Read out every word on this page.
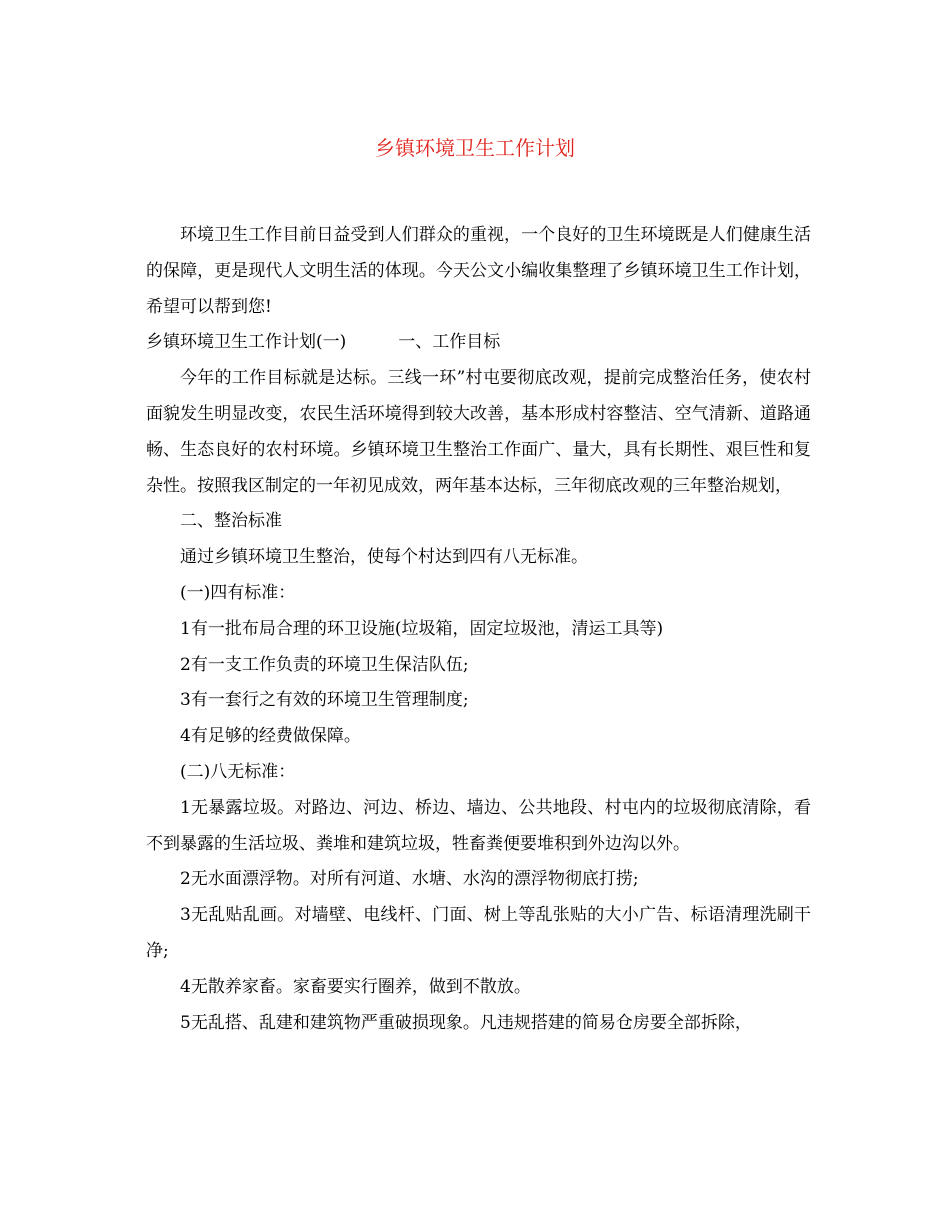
乡镇环境卫生工作计划

环境卫生工作目前日益受到人们群众的重视，一个良好的卫生环境既是人们健康生活的保障，更是现代人文明生活的体现。今天公文小编收集整理了乡镇环境卫生工作计划，希望可以帮到您!

乡镇环境卫生工作计划(一)	一、工作目标

今年的工作目标就是达标。三线一环”村屯要彻底改观，提前完成整治任务，使农村面貌发生明显改变，农民生活环境得到较大改善，基本形成村容整洁、空气清新、道路通畅、生态良好的农村环境。乡镇环境卫生整治工作面广、量大，具有长期性、艰巨性和复杂性。按照我区制定的一年初见成效，两年基本达标，三年彻底改观的三年整治规划，

二、整治标准

通过乡镇环境卫生整治，使每个村达到四有八无标准。

(一)四有标准：

1有一批布局合理的环卫设施(垃圾箱，固定垃圾池，清运工具等)

2有一支工作负责的环境卫生保洁队伍;

3有一套行之有效的环境卫生管理制度;

4有足够的经费做保障。

(二)八无标准：

1无暴露垃圾。对路边、河边、桥边、墙边、公共地段、村屯内的垃圾彻底清除，看不到暴露的生活垃圾、粪堆和建筑垃圾，牲畜粪便要堆积到外边沟以外。

2无水面漂浮物。对所有河道、水塘、水沟的漂浮物彻底打捞;

3无乱贴乱画。对墙壁、电线杆、门面、树上等乱张贴的大小广告、标语清理洗刷干净;

4无散养家畜。家畜要实行圈养，做到不散放。

5无乱搭、乱建和建筑物严重破损现象。凡违规搭建的简易仓房要全部拆除，
